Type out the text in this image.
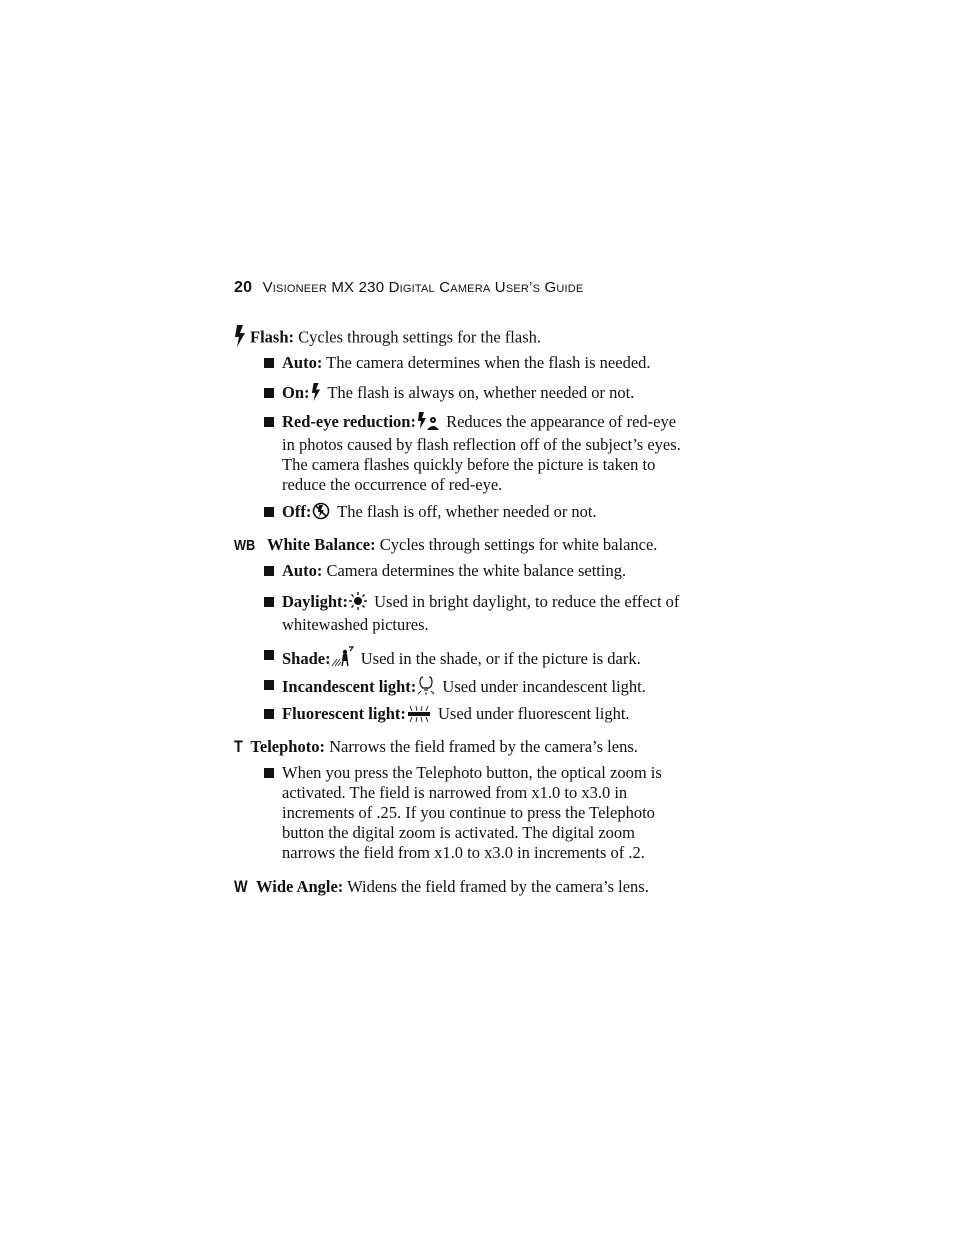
20 VISIONEER MX 230 DIGITAL CAMERA USER’S GUIDE
Flash: Cycles through settings for the flash.
Auto: The camera determines when the flash is needed.
On: The flash is always on, whether needed or not.
Red-eye reduction: Reduces the appearance of red-eye
in photos caused by flash reflection off of the subject’s eyes.
The camera flashes quickly before the picture is taken to
reduce the occurrence of red-eye.
Off: The flash is off, whether needed or not.
WB White Balance: Cycles through settings for white balance.
Auto: Camera determines the white balance setting.
Daylight: Used in bright daylight, to reduce the effect of
whitewashed pictures.
Shade: Used in the shade, or if the picture is dark.
Incandescent light: Used under incandescent light.
Fluorescent light: Used under fluorescent light.
T Telephoto: Narrows the field framed by the camera’s lens.
When you press the Telephoto button, the optical zoom is
activated. The field is narrowed from x1.0 to x3.0 in
increments of .25. If you continue to press the Telephoto
button the digital zoom is activated. The digital zoom
narrows the field from x1.0 to x3.0 in increments of .2.
W Wide Angle: Widens the field framed by the camera’s lens.
